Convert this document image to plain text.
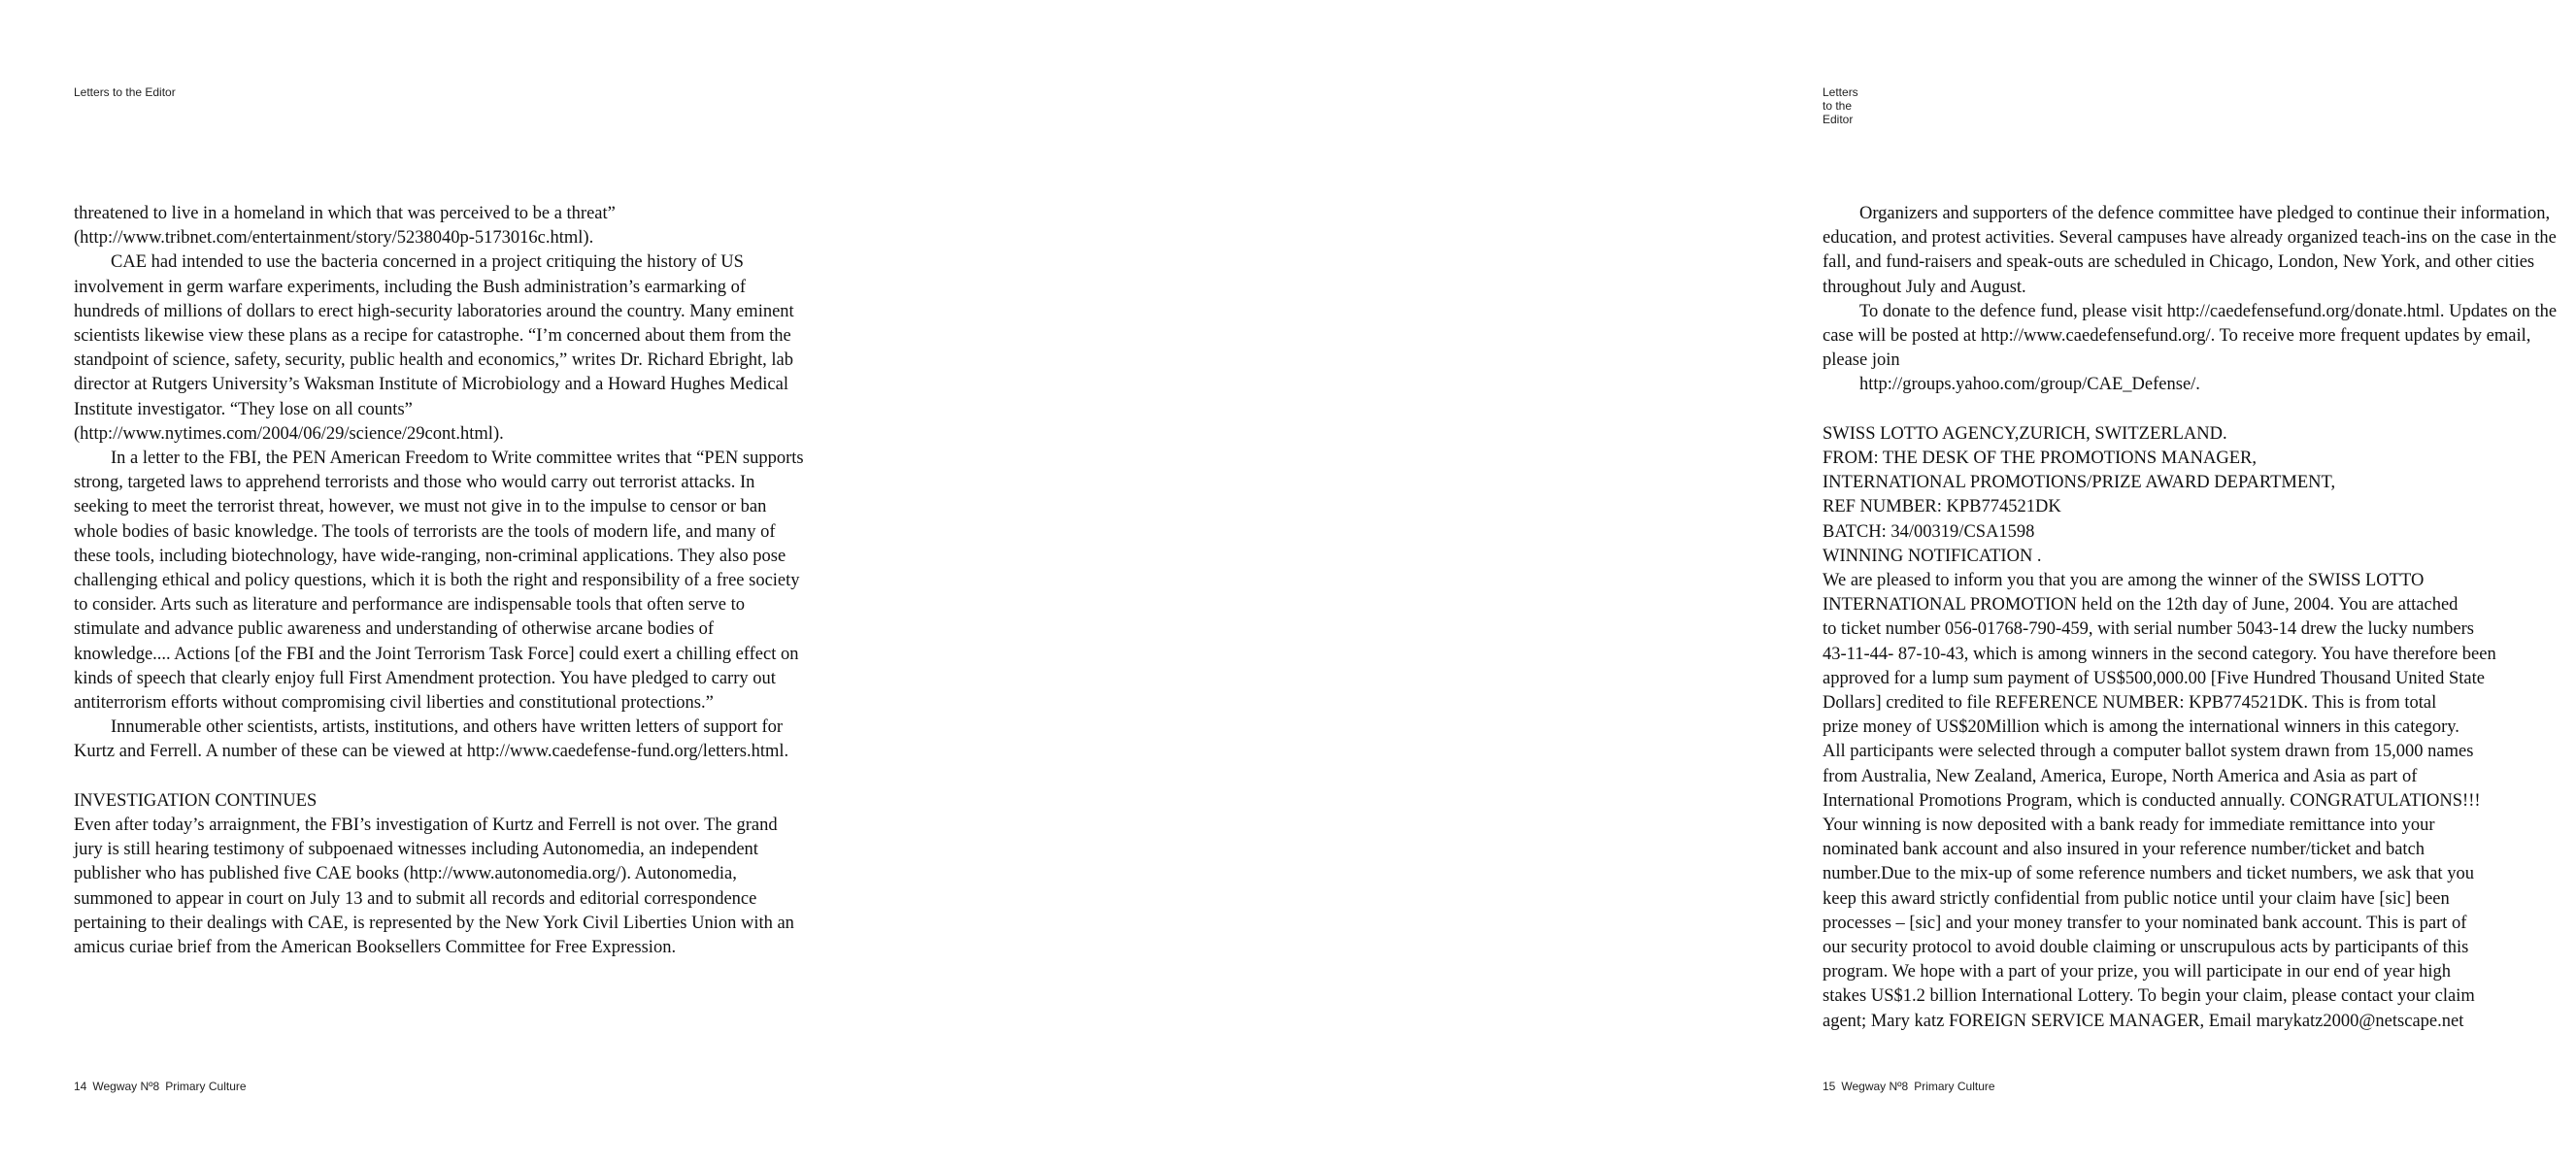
Letters to the Editor

threatened to live in a homeland in which that was perceived to be a threat” (http://www.tribnet.com/entertainment/story/5238040p-5173016c.html).

CAE had intended to use the bacteria concerned in a project critiquing the history of US involvement in germ warfare experiments, including the Bush administration’s earmarking of hundreds of millions of dollars to erect high-security laboratories around the country. Many eminent scientists likewise view these plans as a recipe for catastrophe. “I’m concerned about them from the standpoint of science, safety, security, public health and economics,” writes Dr. Richard Ebright, lab director at Rutgers University’s Waksman Institute of Microbiology and a Howard Hughes Medical Institute investigator. “They lose on all counts” (http://www.nytimes.com/2004/06/29/science/29cont.html).

In a letter to the FBI, the PEN American Freedom to Write committee writes that “PEN supports strong, targeted laws to apprehend terrorists and those who would carry out terrorist attacks. In seeking to meet the terrorist threat, however, we must not give in to the impulse to censor or ban whole bodies of basic knowledge. The tools of terrorists are the tools of modern life, and many of these tools, including biotechnology, have wide-ranging, non-criminal applications. They also pose challenging ethical and policy questions, which it is both the right and responsibility of a free society to consider. Arts such as literature and performance are indispensable tools that often serve to stimulate and advance public awareness and understanding of otherwise arcane bodies of knowledge.... Actions [of the FBI and the Joint Terrorism Task Force] could exert a chilling effect on kinds of speech that clearly enjoy full First Amendment protection. You have pledged to carry out antiterrorism efforts without compromising civil liberties and constitutional protections.”

Innumerable other scientists, artists, institutions, and others have written letters of support for Kurtz and Ferrell. A number of these can be viewed at http://www.caedefense-fund.org/letters.html.

INVESTIGATION CONTINUES

Even after today’s arraignment, the FBI’s investigation of Kurtz and Ferrell is not over. The grand jury is still hearing testimony of subpoenaed witnesses including Autonomedia, an independent publisher who has published five CAE books (http://www.autonomedia.org/). Autonomedia, summoned to appear in court on July 13 and to submit all records and editorial correspondence pertaining to their dealings with CAE, is represented by the New York Civil Liberties Union with an amicus curiae brief from the American Booksellers Committee for Free Expression.

14 Wegway Nº8 Primary Culture
Letters to the Editor

Organizers and supporters of the defence committee have pledged to continue their information, education, and protest activities. Several campuses have already organized teach-ins on the case in the fall, and fund-raisers and speak-outs are scheduled in Chicago, London, New York, and other cities throughout July and August.

To donate to the defence fund, please visit http://caedefensefund.org/donate.html. Updates on the case will be posted at http://www.caedefensefund.org/. To receive more frequent updates by email, please join

http://groups.yahoo.com/group/CAE_Defense/.

SWISS LOTTO AGENCY,ZURICH, SWITZERLAND.
FROM: THE DESK OF THE PROMOTIONS MANAGER,
INTERNATIONAL PROMOTIONS/PRIZE AWARD DEPARTMENT,
REF NUMBER: KPB774521DK
BATCH: 34/00319/CSA1598
WINNING NOTIFICATION .
We are pleased to inform you that you are among the winner of the SWISS LOTTO
INTERNATIONAL PROMOTION held on the 12th day of June, 2004. You are attached
to ticket number 056-01768-790-459, with serial number 5043-14 drew the lucky numbers
43-11-44- 87-10-43, which is among winners in the second category. You have therefore been
approved for a lump sum payment of US$500,000.00 [Five Hundred Thousand United State
Dollars] credited to file REFERENCE NUMBER: KPB774521DK. This is from total
prize money of US$20Million which is among the international winners in this category.
All participants were selected through a computer ballot system drawn from 15,000 names
from Australia, New Zealand, America, Europe, North America and Asia as part of
International Promotions Program, which is conducted annually. CONGRATULATIONS!!!
Your winning is now deposited with a bank ready for immediate remittance into your
nominated bank account and also insured in your reference number/ticket and batch
number.Due to the mix-up of some reference numbers and ticket numbers, we ask that you
keep this award strictly confidential from public notice until your claim have [sic] been
processes – [sic] and your money transfer to your nominated bank account. This is part of
our security protocol to avoid double claiming or unscrupulous acts by participants of this
program. We hope with a part of your prize, you will participate in our end of year high
stakes US$1.2 billion International Lottery. To begin your claim, please contact your claim
agent; Mary katz FOREIGN SERVICE MANAGER, Email marykatz2000@netscape.net
15 Wegway Nº8 Primary Culture
